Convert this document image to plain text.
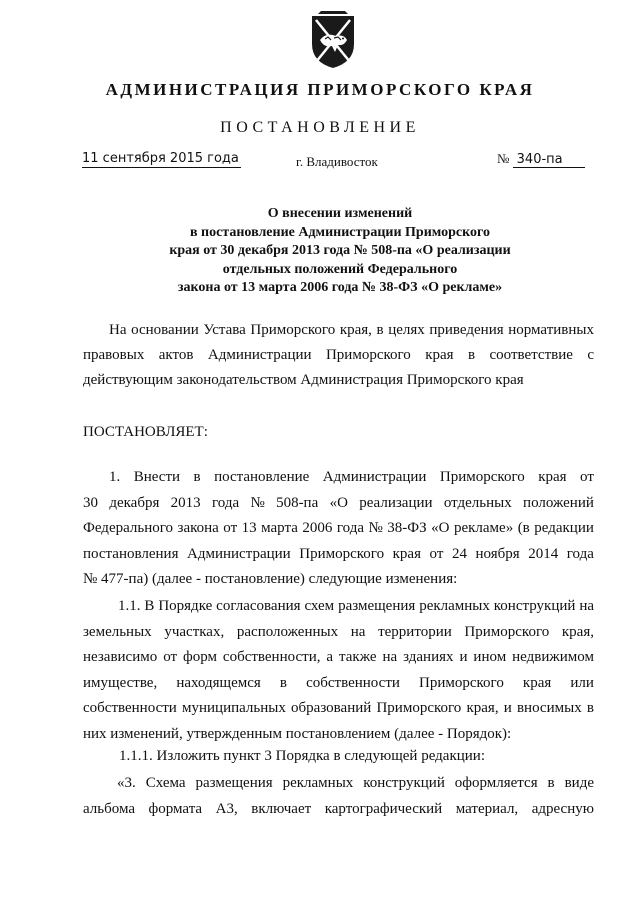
АДМИНИСТРАЦИЯ ПРИМОРСКОГО КРАЯ
ПОСТАНОВЛЕНИЕ
11 сентября 2015 года	г. Владивосток	№ 340-па
О внесении изменений
в постановление Администрации Приморского
края от 30 декабря 2013 года № 508-па «О реализации
отдельных положений Федерального
закона от 13 марта 2006 года № 38-ФЗ «О рекламе»
На основании Устава Приморского края, в целях приведения нормативных
правовых актов Администрации Приморского края в соответствие с
действующим законодательством Администрация Приморского края
ПОСТАНОВЛЯЕТ:
1. Внести в постановление Администрации Приморского края от
30 декабря 2013 года № 508-па «О реализации отдельных положений
Федерального закона от 13 марта 2006 года № 38-ФЗ «О рекламе» (в редакции
постановления Администрации Приморского края от 24 ноября 2014 года
№ 477-па) (далее - постановление) следующие изменения:
1.1. В Порядке согласования схем размещения рекламных конструкций на
земельных участках, расположенных на территории Приморского края,
независимо от форм собственности, а также на зданиях и ином недвижимом
имуществе, находящемся в собственности Приморского края или
собственности муниципальных образований Приморского края, и вносимых в
них изменений, утвержденным постановлением (далее - Порядок):
1.1.1. Изложить пункт 3 Порядка в следующей редакции:
«3. Схема размещения рекламных конструкций оформляется в виде
альбома формата А3, включает картографический материал, адресную
